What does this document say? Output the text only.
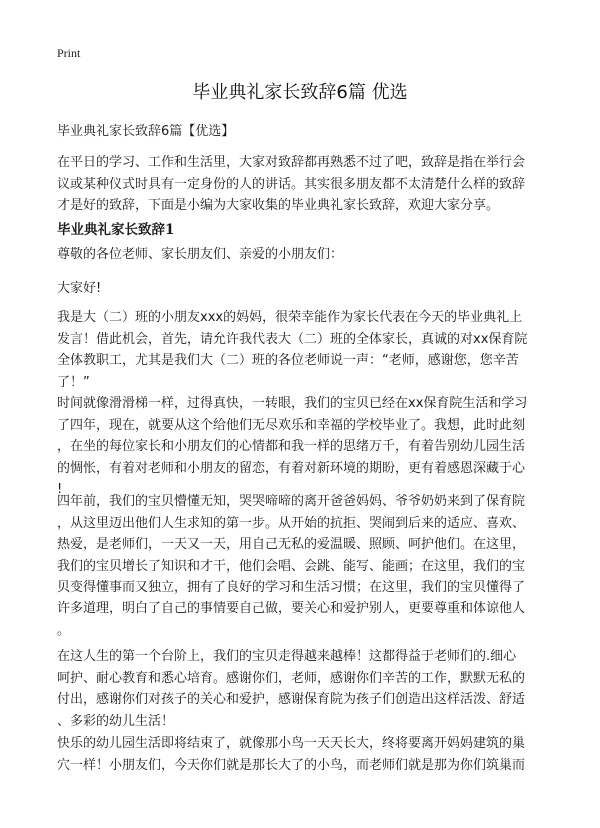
Print
毕业典礼家长致辞6篇 优选
毕业典礼家长致辞6篇【优选】
在平日的学习、工作和生活里，大家对致辞都再熟悉不过了吧，致辞是指在举行会
议或某种仪式时具有一定身份的人的讲话。其实很多朋友都不太清楚什么样的致辞
才是好的致辞，下面是小编为大家收集的毕业典礼家长致辞，欢迎大家分享。
毕业典礼家长致辞1
尊敬的各位老师、家长朋友们、亲爱的小朋友们：
大家好!
我是大（二）班的小朋友xxx的妈妈，很荣幸能作为家长代表在今天的毕业典礼上
发言！借此机会，首先，请允许我代表大（二）班的全体家长，真诚的对xx保育院
全体教职工，尤其是我们大（二）班的各位老师说一声：“老师，感谢您，您辛苦
了！”
时间就像滑滑梯一样，过得真快，一转眼，我们的宝贝已经在xx保育院生活和学习
了四年，现在，就要从这个给他们无尽欢乐和幸福的学校毕业了。我想，此时此刻
，在坐的每位家长和小朋友们的心情都和我一样的思绪万千，有着告别幼儿园生活
的惆怅，有着对老师和小朋友的留恋，有着对新环境的期盼，更有着感恩深藏于心
!
四年前，我们的宝贝懵懂无知，哭哭啼啼的离开爸爸妈妈、爷爷奶奶来到了保育院
，从这里迈出他们人生求知的第一步。从开始的抗拒、哭闹到后来的适应、喜欢、
热爱，是老师们，一天又一天，用自己无私的爱温暖、照顾、呵护他们。在这里，
我们的宝贝增长了知识和才干，他们会唱、会跳、能写、能画；在这里，我们的宝
贝变得懂事而又独立，拥有了良好的学习和生活习惯；在这里，我们的宝贝懂得了
许多道理，明白了自己的事情要自己做，要关心和爱护别人，更要尊重和体谅他人
。
在这人生的第一个台阶上，我们的宝贝走得越来越棒！这都得益于老师们的.细心
呵护、耐心教育和悉心培育。感谢你们，老师，感谢你们辛苦的工作，默默无私的
付出，感谢你们对孩子的关心和爱护，感谢保育院为孩子们创造出这样活泼、舒适
、多彩的幼儿生活！
快乐的幼儿园生活即将结束了，就像那小鸟一天天长大，终将要离开妈妈建筑的巢
穴一样！小朋友们，今天你们就是那长大了的小鸟，而老师们就是那为你们筑巢而
